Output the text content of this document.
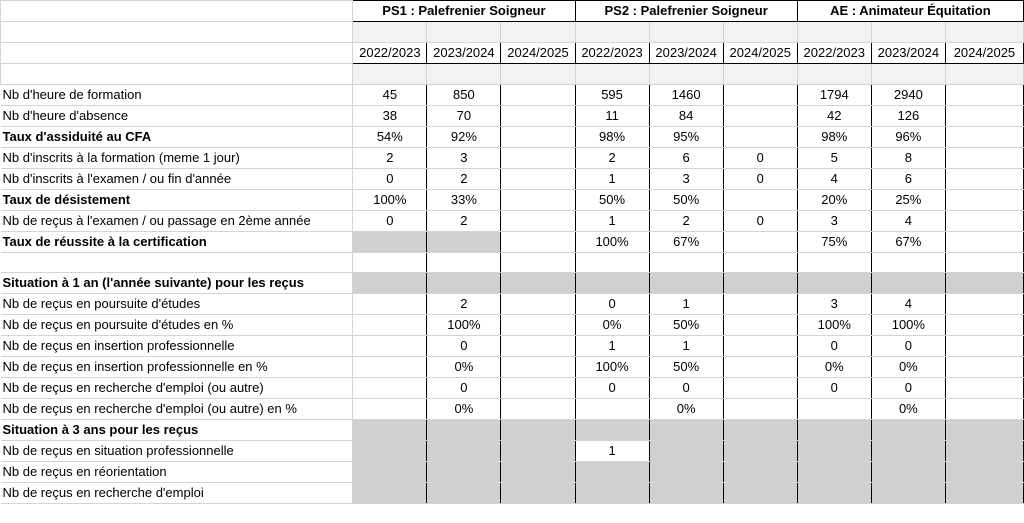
	PS1 : Palefrenier Soigneur			PS2 : Palefrenier Soigneur			AE : Animateur Équitation		

	2022/2023	2023/2024	2024/2025	2022/2023	2023/2024	2024/2025	2022/2023	2023/2024	2024/2025

Nb d'heure de formation	45	850		595	1460		1794	2940	
Nb d'heure d'absence	38	70		11	84		42	126	
Taux d'assiduité au CFA	54%	92%		98%	95%		98%	96%	
Nb d'inscrits à la formation (meme 1 jour)	2	3		2	6	0	5	8	
Nb d'inscrits à l'examen / ou fin d'année	0	2		1	3	0	4	6	
Taux de désistement	100%	33%		50%	50%		20%	25%	
Nb de reçus à l'examen / ou passage en 2ème année	0	2		1	2	0	3	4	
Taux de réussite à la certification				100%	67%		75%	67%	

Situation à 1 an (l'année suivante) pour les reçus									
Nb de reçus en poursuite d'études		2		0	1		3	4	
Nb de reçus en poursuite d'études en %		100%		0%	50%		100%	100%	
Nb de reçus en insertion professionnelle		0		1	1		0	0	
Nb de reçus en insertion professionnelle en %		0%		100%	50%		0%	0%	
Nb de reçus en recherche d'emploi (ou autre)		0		0	0		0	0	
Nb de reçus en recherche d'emploi (ou autre) en %		0%			0%			0%	
Situation à 3 ans pour les reçus									
Nb de reçus en situation professionnelle				1					
Nb de reçus en réorientation									
Nb de reçus en recherche d'emploi									
